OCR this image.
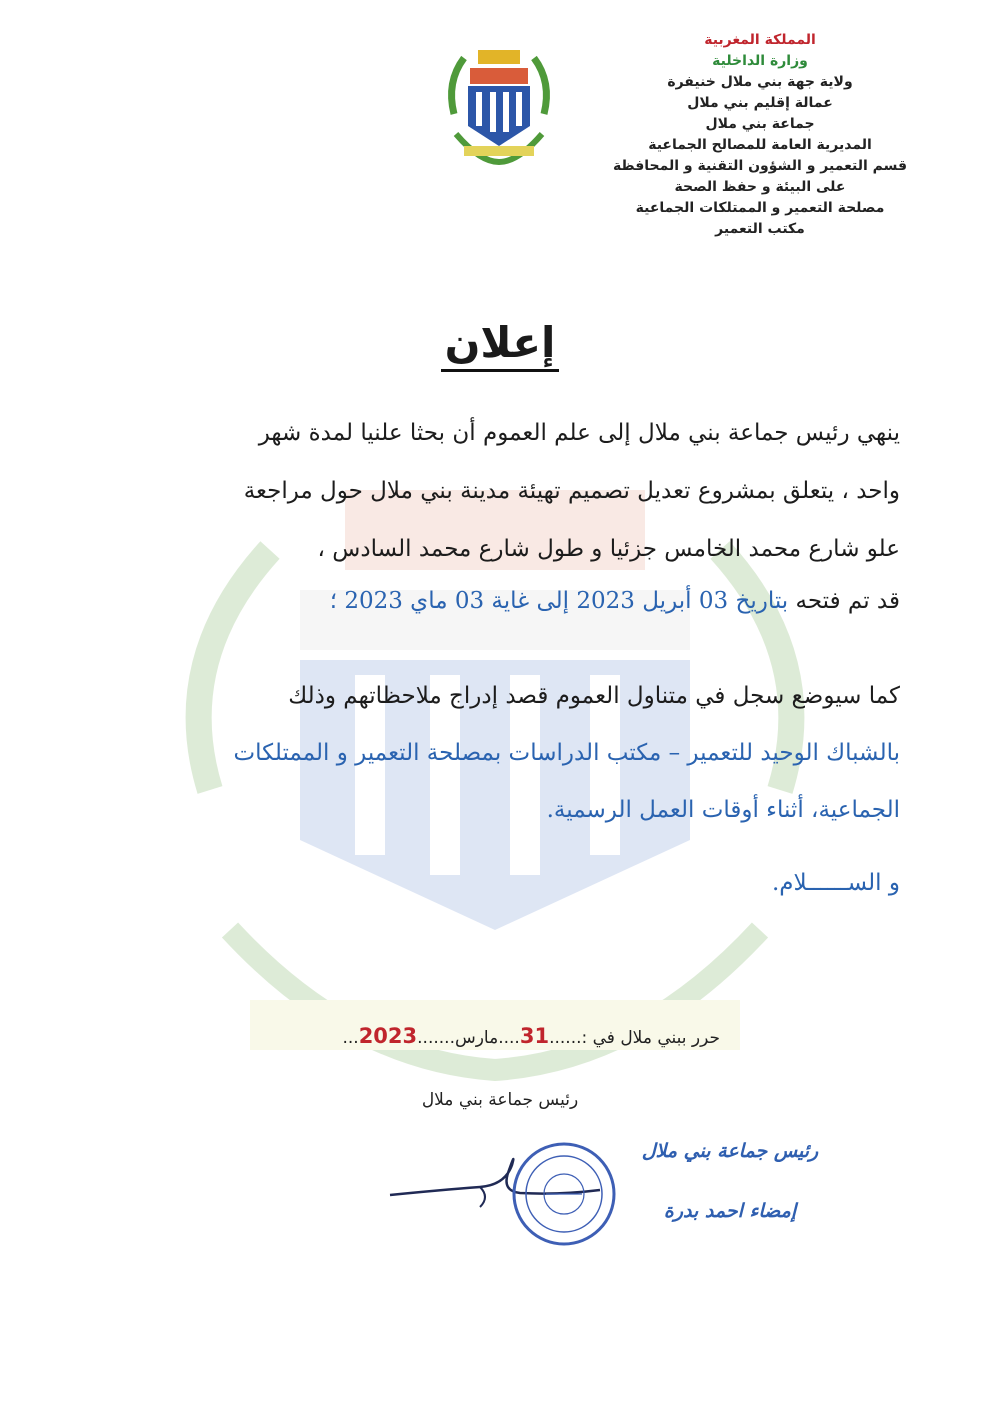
المملكة المغربية
وزارة الداخلية
ولاية جهة بني ملال خنيفرة
عمالة إقليم بني ملال
جماعة بني ملال
المديرية العامة للمصالح الجماعية
قسم التعمير و الشؤون التقنية و المحافظة
على البيئة و حفظ الصحة
مصلحة التعمير و الممتلكات الجماعية
مكتب التعمير
إعلان
ينهي رئيس جماعة بني ملال إلى علم العموم أن بحثا علنيا لمدة شهر
واحد ، يتعلق بمشروع تعديل تصميم تهيئة مدينة بني ملال حول مراجعة
علو شارع محمد الخامس جزئيا و طول شارع محمد السادس ،
قد تم فتحه بتاريخ 03 أبريل 2023 إلى غاية 03 ماي 2023 ؛
كما سيوضع سجل في متناول العموم قصد إدراج ملاحظاتهم وذلك
بالشباك الوحيد للتعمير – مكتب الدراسات بمصلحة التعمير و الممتلكات
الجماعية، أثناء أوقات العمل الرسمية.
و الســــــلام.
حرر ببني ملال في :......31....مارس.......2023...
رئيس جماعة بني ملال
رئيس جماعة بني ملال
إمضاء احمد بدرة
